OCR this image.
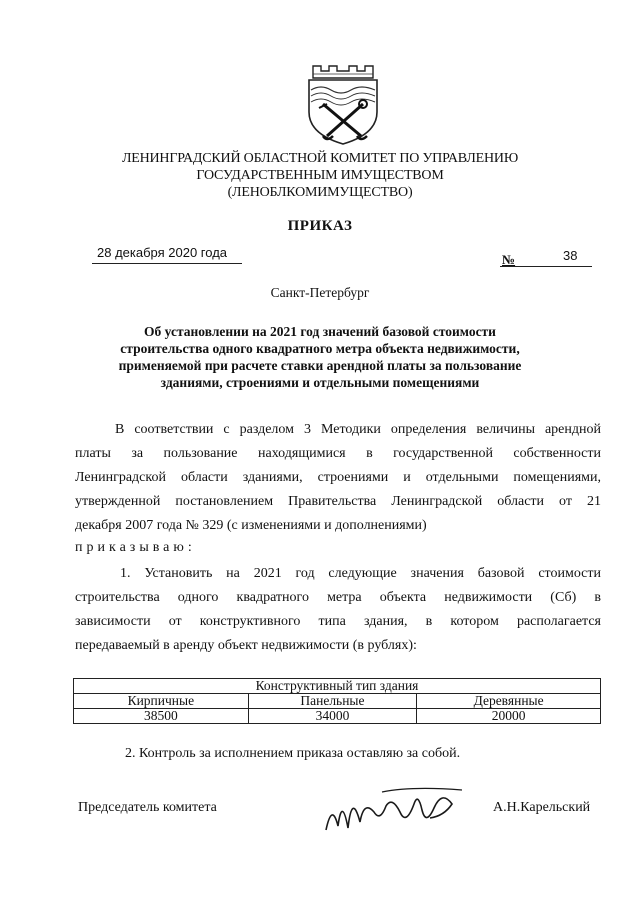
ЛЕНИНГРАДСКИЙ ОБЛАСТНОЙ КОМИТЕТ ПО УПРАВЛЕНИЮ
ГОСУДАРСТВЕННЫМ ИМУЩЕСТВОМ
(ЛЕНОБЛКОМИМУЩЕСТВО)
ПРИКАЗ
28 декабря 2020 года	№	38
Санкт-Петербург
Об установлении на 2021 год значений базовой стоимости
строительства одного квадратного метра объекта недвижимости,
применяемой при расчете ставки арендной платы за пользование
зданиями, строениями и отдельными помещениями
В соответствии с разделом 3 Методики определения величины арендной
платы за пользование находящимися в государственной собственности
Ленинградской области зданиями, строениями и отдельными помещениями,
утвержденной постановлением Правительства Ленинградской области от 21
декабря 2007 года № 329 (с изменениями и дополнениями)
приказываю:
1. Установить на 2021 год следующие значения базовой стоимости
строительства одного квадратного метра объекта недвижимости (Сб) в
зависимости от конструктивного типа здания, в котором располагается
передаваемый в аренду объект недвижимости (в рублях):
Конструктивный тип здания		
Кирпичные	Панельные	Деревянные
38500	34000	20000
2. Контроль за исполнением приказа оставляю за собой.
Председатель комитета	А.Н.Карельский
